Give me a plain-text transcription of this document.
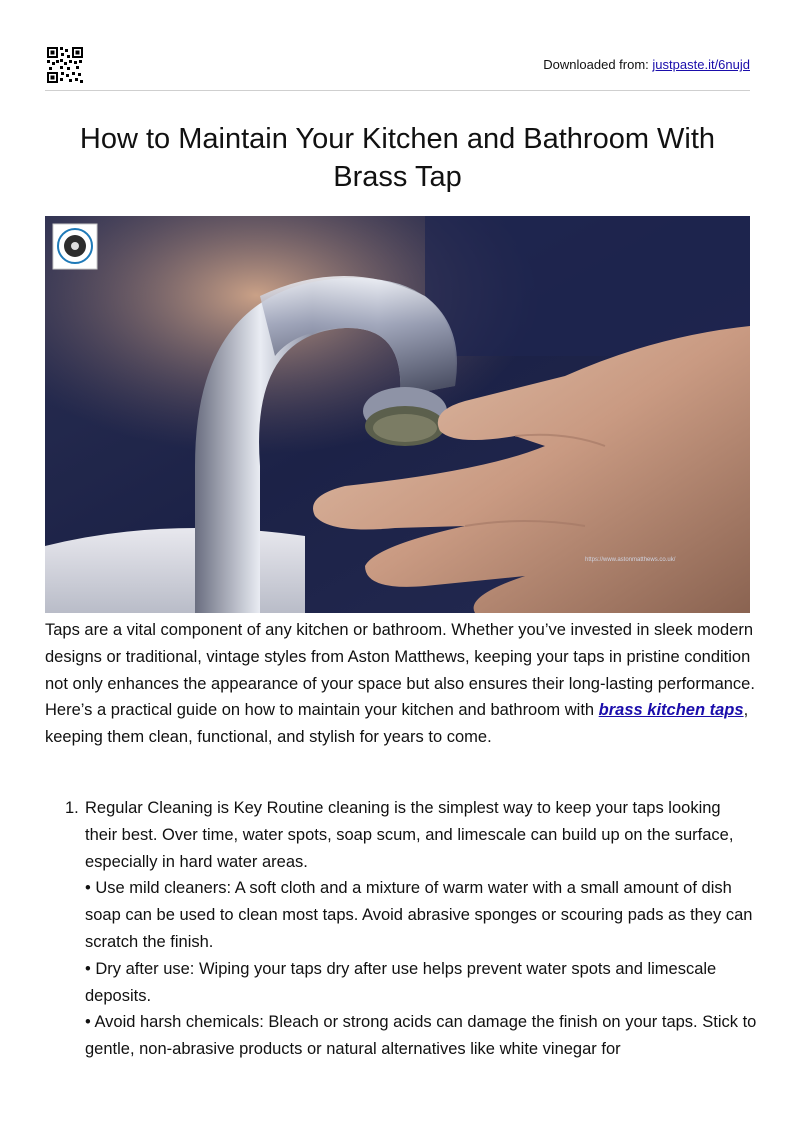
Downloaded from: justpaste.it/6nujd
How to Maintain Your Kitchen and Bathroom With Brass Tap
https://www.astonmatthews.co.uk/

Taps are a vital component of any kitchen or bathroom. Whether you’ve invested in sleek modern designs or traditional, vintage styles from Aston Matthews, keeping your taps in pristine condition not only enhances the appearance of your space but also ensures their long-lasting performance. Here’s a practical guide on how to maintain your kitchen and bathroom with brass kitchen taps, keeping them clean, functional, and stylish for years to come.

1. Regular Cleaning is Key Routine cleaning is the simplest way to keep your taps looking their best. Over time, water spots, soap scum, and limescale can build up on the surface, especially in hard water areas.

• Use mild cleaners: A soft cloth and a mixture of warm water with a small amount of dish soap can be used to clean most taps. Avoid abrasive sponges or scouring pads as they can scratch the finish.

• Dry after use: Wiping your taps dry after use helps prevent water spots and limescale deposits.

• Avoid harsh chemicals: Bleach or strong acids can damage the finish on your taps. Stick to gentle, non-abrasive products or natural alternatives like white vinegar for
